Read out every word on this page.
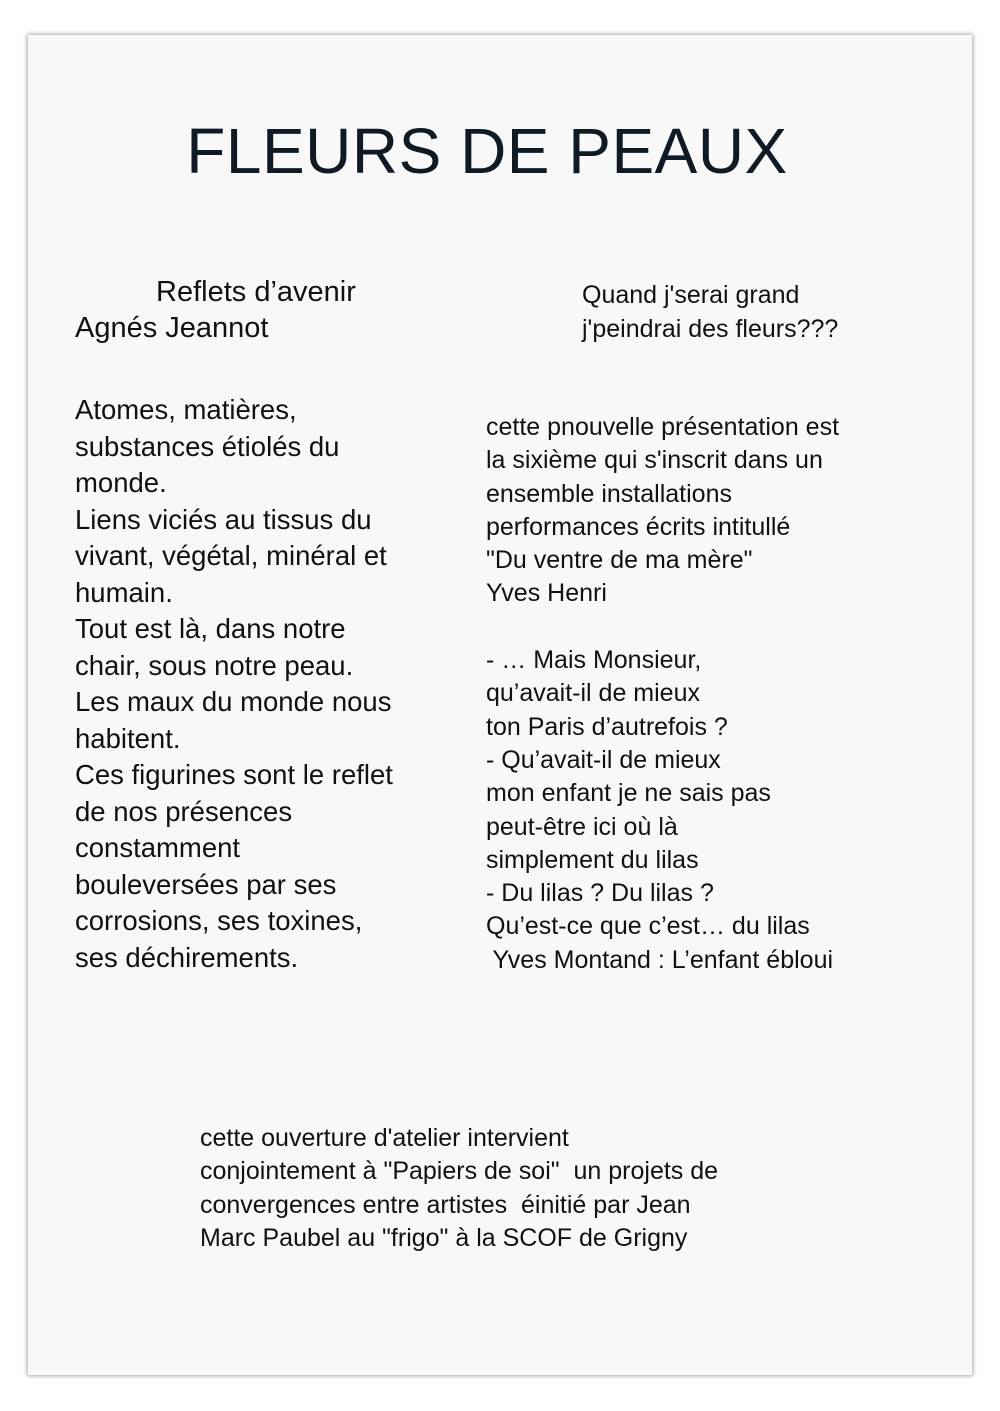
FLEURS DE PEAUX
Reflets d’avenir
Agnés Jeannot
Atomes, matières,
substances étiolés du
monde.
Liens viciés au tissus du
vivant, végétal, minéral et
humain.
Tout est là, dans notre
chair, sous notre peau.
Les maux du monde nous
habitent.
Ces figurines sont le reflet
de nos présences
constamment
bouleversées par ses
corrosions, ses toxines,
ses déchirements.
Quand j'serai grand
j'peindrai des fleurs???
cette pnouvelle présentation est
la sixième qui s'inscrit dans un
ensemble installations
performances écrits intitullé
"Du ventre de ma mère"
Yves Henri
- … Mais Monsieur,
qu’avait-il de mieux
ton Paris d’autrefois ?
- Qu’avait-il de mieux
mon enfant je ne sais pas
peut-être ici où là
simplement du lilas
- Du lilas ? Du lilas ?
Qu’est-ce que c’est… du lilas
Yves Montand : L’enfant ébloui
cette ouverture d'atelier intervient
conjointement à "Papiers de soi"  un projets de
convergences entre artistes  éinitié par Jean
Marc Paubel au "frigo" à la SCOF de Grigny
